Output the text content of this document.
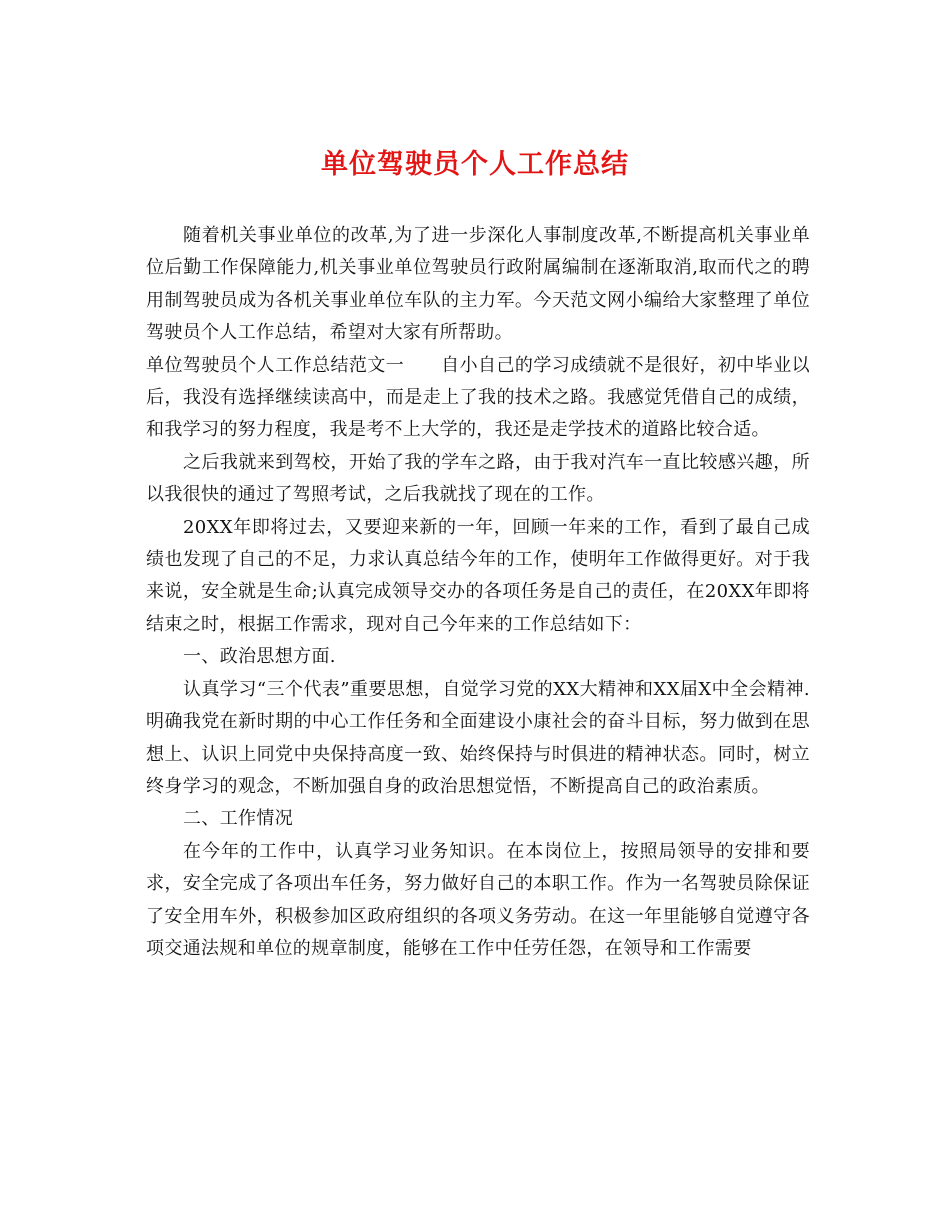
单位驾驶员个人工作总结

随着机关事业单位的改革,为了进一步深化人事制度改革,不断提高机关事业单位后勤工作保障能力,机关事业单位驾驶员行政附属编制在逐渐取消,取而代之的聘用制驾驶员成为各机关事业单位车队的主力军。今天范文网小编给大家整理了单位驾驶员个人工作总结，希望对大家有所帮助。

单位驾驶员个人工作总结范文一　　自小自己的学习成绩就不是很好，初中毕业以后，我没有选择继续读高中，而是走上了我的技术之路。我感觉凭借自己的成绩，和我学习的努力程度，我是考不上大学的，我还是走学技术的道路比较合适。

之后我就来到驾校，开始了我的学车之路，由于我对汽车一直比较感兴趣，所以我很快的通过了驾照考试，之后我就找了现在的工作。

20XX年即将过去，又要迎来新的一年，回顾一年来的工作，看到了最自己成绩也发现了自己的不足，力求认真总结今年的工作，使明年工作做得更好。对于我来说，安全就是生命;认真完成领导交办的各项任务是自己的责任，在20XX年即将结束之时，根据工作需求，现对自己今年来的工作总结如下：

一、政治思想方面.

认真学习“三个代表”重要思想，自觉学习党的XX大精神和XX届X中全会精神.明确我党在新时期的中心工作任务和全面建设小康社会的奋斗目标，努力做到在思想上、认识上同党中央保持高度一致、始终保持与时俱进的精神状态。同时，树立终身学习的观念，不断加强自身的政治思想觉悟，不断提高自己的政治素质。

二、工作情况

在今年的工作中，认真学习业务知识。在本岗位上，按照局领导的安排和要求，安全完成了各项出车任务，努力做好自己的本职工作。作为一名驾驶员除保证了安全用车外，积极参加区政府组织的各项义务劳动。在这一年里能够自觉遵守各项交通法规和单位的规章制度，能够在工作中任劳任怨，在领导和工作需要
